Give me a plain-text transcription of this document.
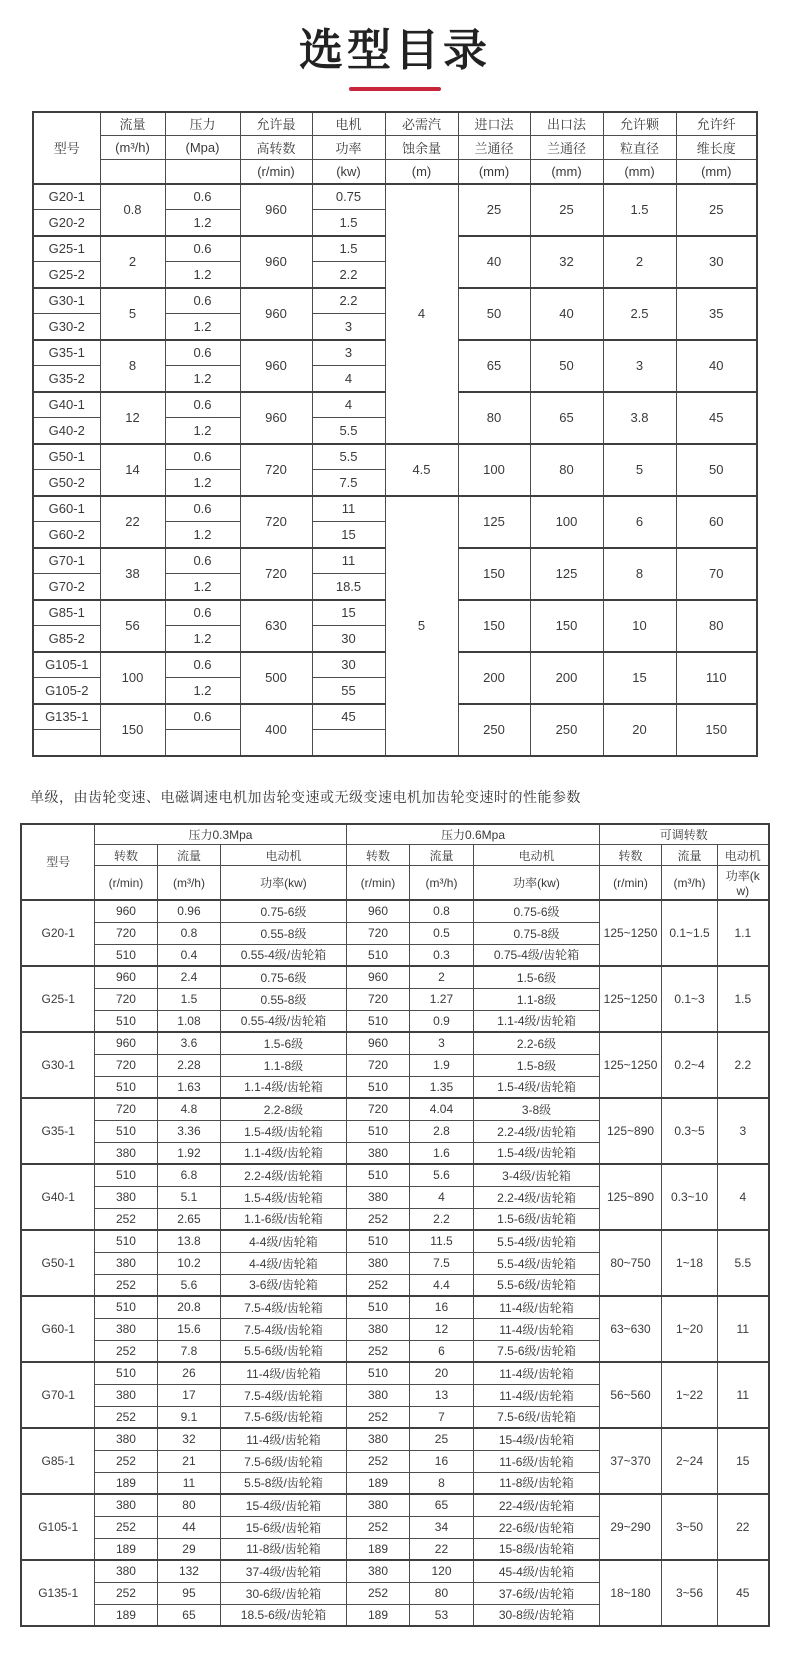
选型目录
型号	流量	压力	允许最	电机	必需汽	进口法	出口法	允许颗	允许纤
	(m³/h)	(Mpa)	高转数	功率	蚀余量	兰通径	兰通径	粒直径	维长度
			(r/min)	(kw)	(m)	(mm)	(mm)	(mm)	(mm)
G20-1	0.8	0.6	960	0.75	4	25	25	1.5	25
G20-2		1.2		1.5					
G25-1	2	0.6	960	1.5		40	32	2	30
G25-2		1.2		2.2					
G30-1	5	0.6	960	2.2		50	40	2.5	35
G30-2		1.2		3					
G35-1	8	0.6	960	3		65	50	3	40
G35-2		1.2		4					
G40-1	12	0.6	960	4		80	65	3.8	45
G40-2		1.2		5.5					
G50-1	14	0.6	720	5.5	4.5	100	80	5	50
G50-2		1.2		7.5					
G60-1	22	0.6	720	11	5	125	100	6	60
G60-2		1.2		15					
G70-1	38	0.6	720	11		150	125	8	70
G70-2		1.2		18.5					
G85-1	56	0.6	630	15		150	150	10	80
G85-2		1.2		30					
G105-1	100	0.6	500	30		200	200	15	110
G105-2		1.2		55					
G135-1	150	0.6	400	45		250	250	20	150

单级，由齿轮变速、电磁调速电机加齿轮变速或无级变速电机加齿轮变速时的性能参数

型号	压力0.3Mpa			压力0.6Mpa			可调转数		
	转数	流量	电动机	转数	流量	电动机	转数	流量	电动机
	(r/min)	(m³/h)	功率(kw)	(r/min)	(m³/h)	功率(kw)	(r/min)	(m³/h)	功率(kw)
G20-1	960	0.96	0.75-6级	960	0.8	0.75-6级	125~1250	0.1~1.5	1.1
	720	0.8	0.55-8级	720	0.5	0.75-8级			
	510	0.4	0.55-4级/齿轮箱	510	0.3	0.75-4级/齿轮箱			
G25-1	960	2.4	0.75-6级	960	2	1.5-6级	125~1250	0.1~3	1.5
	720	1.5	0.55-8级	720	1.27	1.1-8级			
	510	1.08	0.55-4级/齿轮箱	510	0.9	1.1-4级/齿轮箱			
G30-1	960	3.6	1.5-6级	960	3	2.2-6级	125~1250	0.2~4	2.2
	720	2.28	1.1-8级	720	1.9	1.5-8级			
	510	1.63	1.1-4级/齿轮箱	510	1.35	1.5-4级/齿轮箱			
G35-1	720	4.8	2.2-8级	720	4.04	3-8级	125~890	0.3~5	3
	510	3.36	1.5-4级/齿轮箱	510	2.8	2.2-4级/齿轮箱			
	380	1.92	1.1-4级/齿轮箱	380	1.6	1.5-4级/齿轮箱			
G40-1	510	6.8	2.2-4级/齿轮箱	510	5.6	3-4级/齿轮箱	125~890	0.3~10	4
	380	5.1	1.5-4级/齿轮箱	380	4	2.2-4级/齿轮箱			
	252	2.65	1.1-6级/齿轮箱	252	2.2	1.5-6级/齿轮箱			
G50-1	510	13.8	4-4级/齿轮箱	510	11.5	5.5-4级/齿轮箱	80~750	1~18	5.5
	380	10.2	4-4级/齿轮箱	380	7.5	5.5-4级/齿轮箱			
	252	5.6	3-6级/齿轮箱	252	4.4	5.5-6级/齿轮箱			
G60-1	510	20.8	7.5-4级/齿轮箱	510	16	11-4级/齿轮箱	63~630	1~20	11
	380	15.6	7.5-4级/齿轮箱	380	12	11-4级/齿轮箱			
	252	7.8	5.5-6级/齿轮箱	252	6	7.5-6级/齿轮箱			
G70-1	510	26	11-4级/齿轮箱	510	20	11-4级/齿轮箱	56~560	1~22	11
	380	17	7.5-4级/齿轮箱	380	13	11-4级/齿轮箱			
	252	9.1	7.5-6级/齿轮箱	252	7	7.5-6级/齿轮箱			
G85-1	380	32	11-4级/齿轮箱	380	25	15-4级/齿轮箱	37~370	2~24	15
	252	21	7.5-6级/齿轮箱	252	16	11-6级/齿轮箱			
	189	11	5.5-8级/齿轮箱	189	8	11-8级/齿轮箱			
G105-1	380	80	15-4级/齿轮箱	380	65	22-4级/齿轮箱	29~290	3~50	22
	252	44	15-6级/齿轮箱	252	34	22-6级/齿轮箱			
	189	29	11-8级/齿轮箱	189	22	15-8级/齿轮箱			
G135-1	380	132	37-4级/齿轮箱	380	120	45-4级/齿轮箱	18~180	3~56	45
	252	95	30-6级/齿轮箱	252	80	37-6级/齿轮箱			
	189	65	18.5-6级/齿轮箱	189	53	30-8级/齿轮箱			
